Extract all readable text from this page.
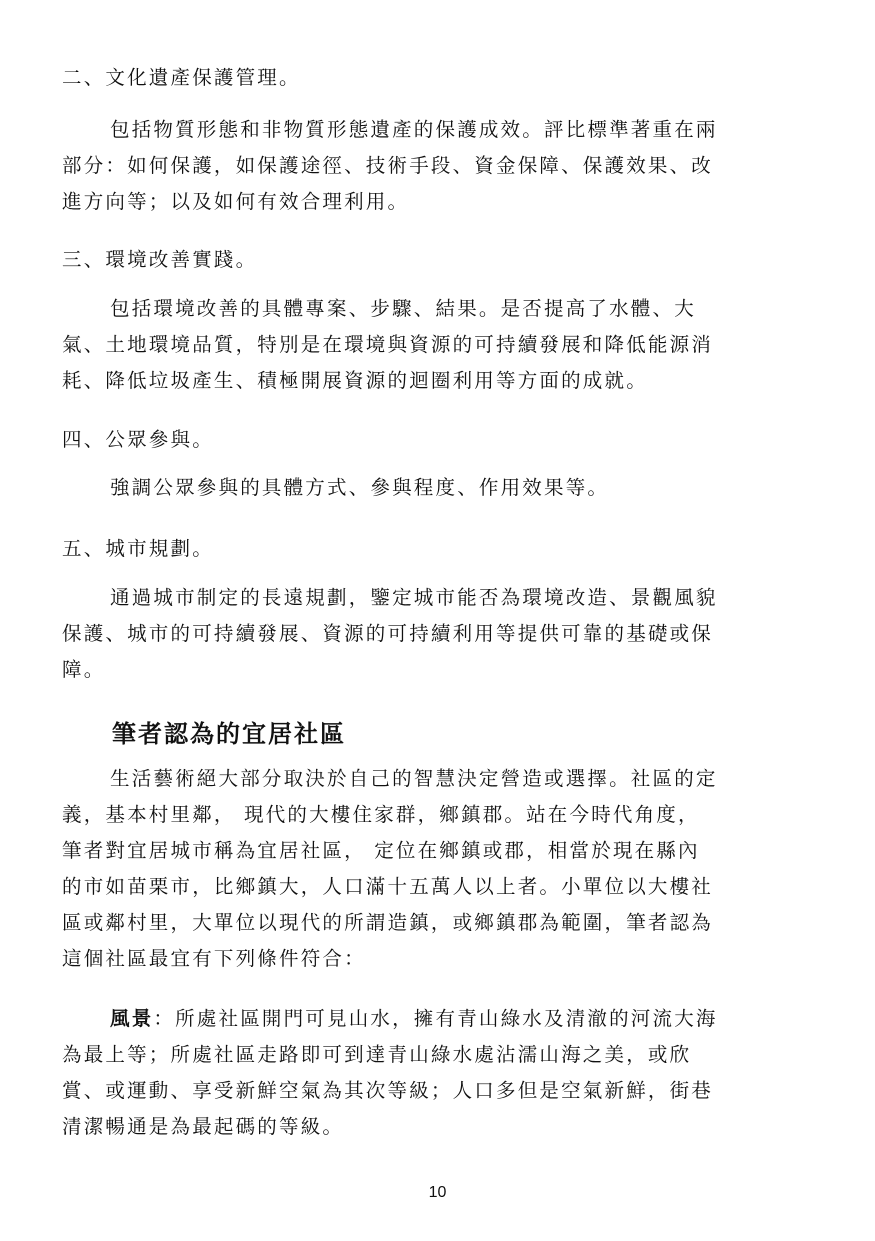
二、文化遺產保護管理。
包括物質形態和非物質形態遺產的保護成效。評比標準著重在兩
部分：如何保護，如保護途徑、技術手段、資金保障、保護效果、改
進方向等；以及如何有效合理利用。
三、環境改善實踐。
包括環境改善的具體專案、步驟、結果。是否提高了水體、大
氣、土地環境品質，特別是在環境與資源的可持續發展和降低能源消
耗、降低垃圾產生、積極開展資源的迴圈利用等方面的成就。
四、公眾參與。
強調公眾參與的具體方式、參與程度、作用效果等。
五、城市規劃。
通過城市制定的長遠規劃，鑒定城市能否為環境改造、景觀風貌
保護、城市的可持續發展、資源的可持續利用等提供可靠的基礎或保
障。
筆者認為的宜居社區
生活藝術絕大部分取決於自己的智慧決定營造或選擇。社區的定
義，基本村里鄰， 現代的大樓住家群，鄉鎮郡。站在今時代角度，
筆者對宜居城市稱為宜居社區， 定位在鄉鎮或郡，相當於現在縣內
的市如苗栗市，比鄉鎮大，人口滿十五萬人以上者。小單位以大樓社
區或鄰村里，大單位以現代的所謂造鎮，或鄉鎮郡為範圍，筆者認為
這個社區最宜有下列條件符合：
風景：所處社區開門可見山水，擁有青山綠水及清澈的河流大海
為最上等；所處社區走路即可到達青山綠水處沾濡山海之美，或欣
賞、或運動、享受新鮮空氣為其次等級；人口多但是空氣新鮮，街巷
清潔暢通是為最起碼的等級。
10
